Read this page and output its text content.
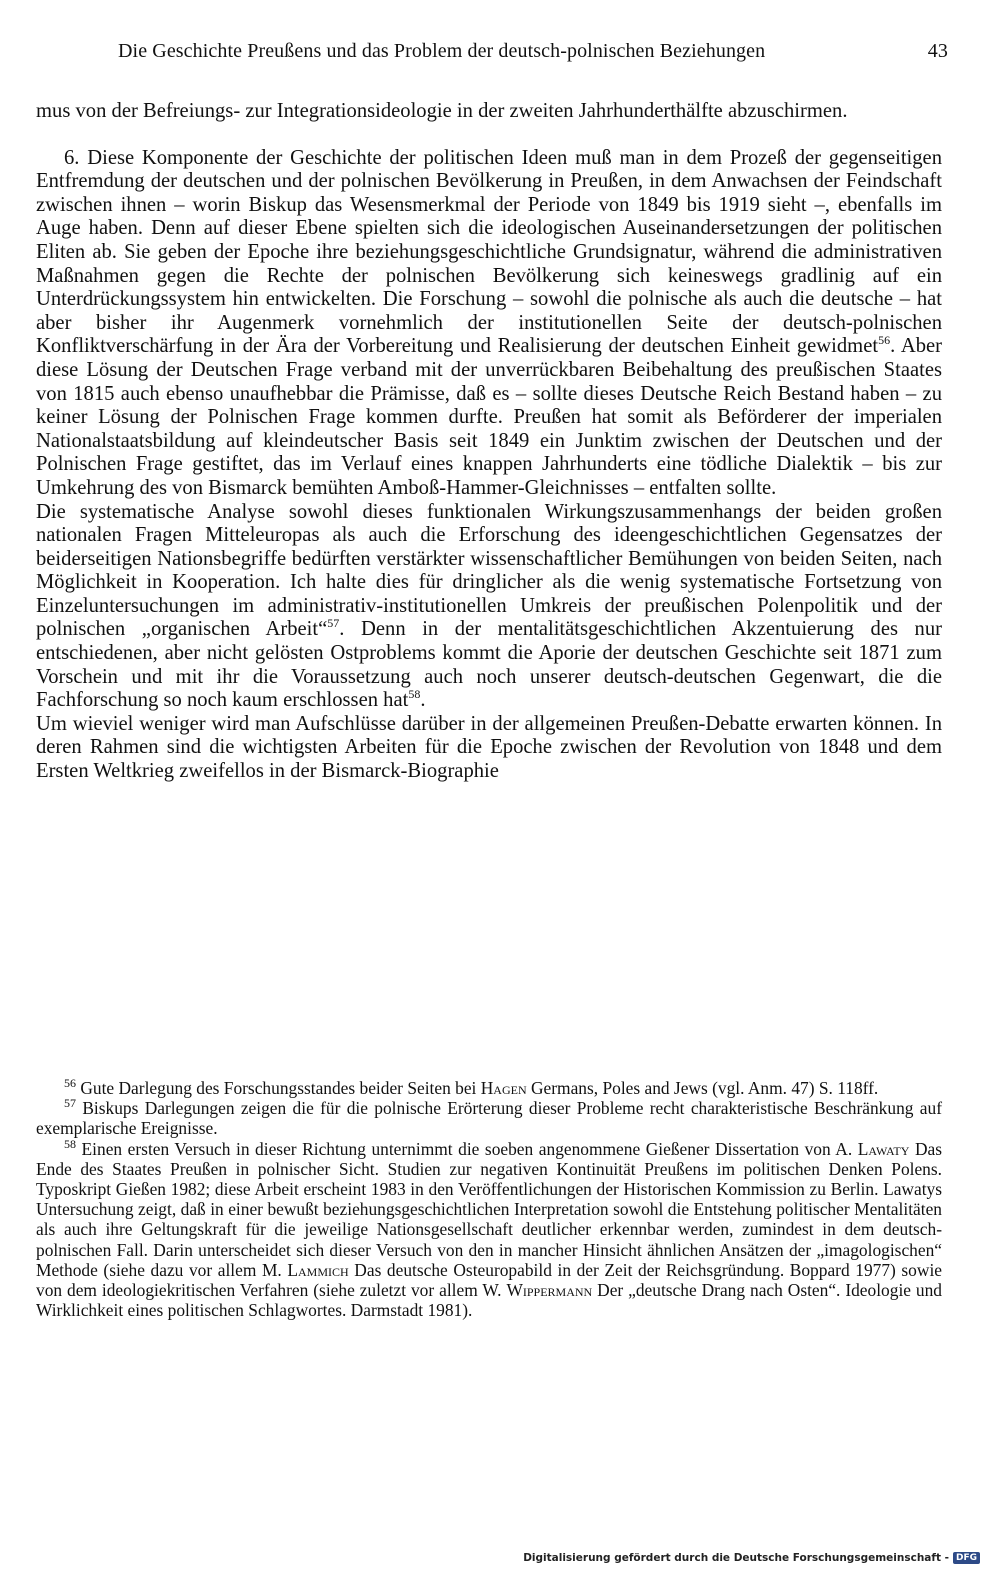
Die Geschichte Preußens und das Problem der deutsch-polnischen Beziehungen	43

mus von der Befreiungs- zur Integrationsideologie in der zweiten Jahrhunderthälfte abzuschirmen.

6. Diese Komponente der Geschichte der politischen Ideen muß man in dem Prozeß der gegenseitigen Entfremdung der deutschen und der polnischen Bevölkerung in Preußen, in dem Anwachsen der Feindschaft zwischen ihnen – worin Biskup das Wesensmerkmal der Periode von 1849 bis 1919 sieht –, ebenfalls im Auge haben. Denn auf dieser Ebene spielten sich die ideologischen Auseinandersetzungen der politischen Eliten ab. Sie geben der Epoche ihre beziehungsgeschichtliche Grundsignatur, während die administrativen Maßnahmen gegen die Rechte der polnischen Bevölkerung sich keineswegs gradlinig auf ein Unterdrückungssystem hin entwickelten. Die Forschung – sowohl die polnische als auch die deutsche – hat aber bisher ihr Augenmerk vornehmlich der institutionellen Seite der deutsch-polnischen Konfliktverschärfung in der Ära der Vorbereitung und Realisierung der deutschen Einheit gewidmet$^{56}$. Aber diese Lösung der Deutschen Frage verband mit der unverrückbaren Beibehaltung des preußischen Staates von 1815 auch ebenso unaufhebbar die Prämisse, daß es – sollte dieses Deutsche Reich Bestand haben – zu keiner Lösung der Polnischen Frage kommen durfte. Preußen hat somit als Beförderer der imperialen Nationalstaatsbildung auf kleindeutscher Basis seit 1849 ein Junktim zwischen der Deutschen und der Polnischen Frage gestiftet, das im Verlauf eines knappen Jahrhunderts eine tödliche Dialektik – bis zur Umkehrung des von Bismarck bemühten Amboß-Hammer-Gleichnisses – entfalten sollte.

Die systematische Analyse sowohl dieses funktionalen Wirkungszusammenhangs der beiden großen nationalen Fragen Mitteleuropas als auch die Erforschung des ideengeschichtlichen Gegensatzes der beiderseitigen Nationsbegriffe bedürften verstärkter wissenschaftlicher Bemühungen von beiden Seiten, nach Möglichkeit in Kooperation. Ich halte dies für dringlicher als die wenig systematische Fortsetzung von Einzeluntersuchungen im administrativ-institutionellen Umkreis der preußischen Polenpolitik und der polnischen „organischen Arbeit“$^{57}$. Denn in der mentalitätsgeschichtlichen Akzentuierung des nur entschiedenen, aber nicht gelösten Ostproblems kommt die Aporie der deutschen Geschichte seit 1871 zum Vorschein und mit ihr die Voraussetzung auch noch unserer deutsch-deutschen Gegenwart, die die Fachforschung so noch kaum erschlossen hat$^{58}$.

Um wieviel weniger wird man Aufschlüsse darüber in der allgemeinen Preußen-Debatte erwarten können. In deren Rahmen sind die wichtigsten Arbeiten für die Epoche zwischen der Revolution von 1848 und dem Ersten Weltkrieg zweifellos in der Bismarck-Biographie

$^{56}$ Gute Darlegung des Forschungsstandes beider Seiten bei Hagen Germans, Poles and Jews (vgl. Anm. 47) S. 118ff.

$^{57}$ Biskups Darlegungen zeigen die für die polnische Erörterung dieser Probleme recht charakteristische Beschränkung auf exemplarische Ereignisse.

$^{58}$ Einen ersten Versuch in dieser Richtung unternimmt die soeben angenommene Gießener Dissertation von A. Lawaty Das Ende des Staates Preußen in polnischer Sicht. Studien zur negativen Kontinuität Preußens im politischen Denken Polens. Typoskript Gießen 1982; diese Arbeit erscheint 1983 in den Veröffentlichungen der Historischen Kommission zu Berlin. Lawatys Untersuchung zeigt, daß in einer bewußt beziehungsgeschichtlichen Interpretation sowohl die Entstehung politischer Mentalitäten als auch ihre Geltungskraft für die jeweilige Nationsgesellschaft deutlicher erkennbar werden, zumindest in dem deutsch-polnischen Fall. Darin unterscheidet sich dieser Versuch von den in mancher Hinsicht ähnlichen Ansätzen der „imagologischen“ Methode (siehe dazu vor allem M. Lammich Das deutsche Osteuropabild in der Zeit der Reichsgründung. Boppard 1977) sowie von dem ideologiekritischen Verfahren (siehe zuletzt vor allem W. Wippermann Der „deutsche Drang nach Osten“. Ideologie und Wirklichkeit eines politischen Schlagwortes. Darmstadt 1981).

Digitalisierung gefördert durch die Deutsche Forschungsgemeinschaft - DFG
